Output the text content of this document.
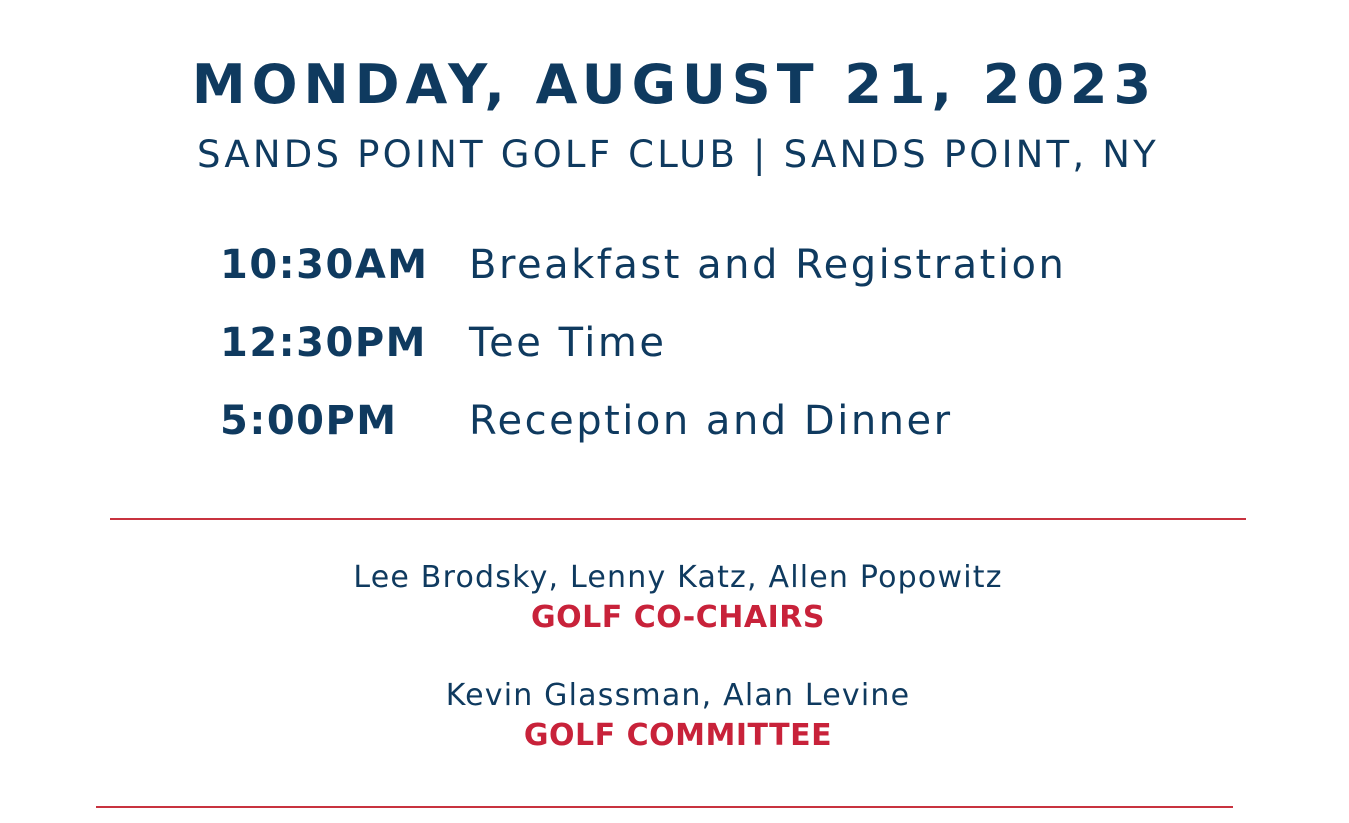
MONDAY, AUGUST 21, 2023
SANDS POINT GOLF CLUB | SANDS POINT, NY
10:30AM	Breakfast and Registration
12:30PM	Tee Time
5:00PM	Reception and Dinner
Lee Brodsky, Lenny Katz, Allen Popowitz
GOLF CO-CHAIRS
Kevin Glassman, Alan Levine
GOLF COMMITTEE
